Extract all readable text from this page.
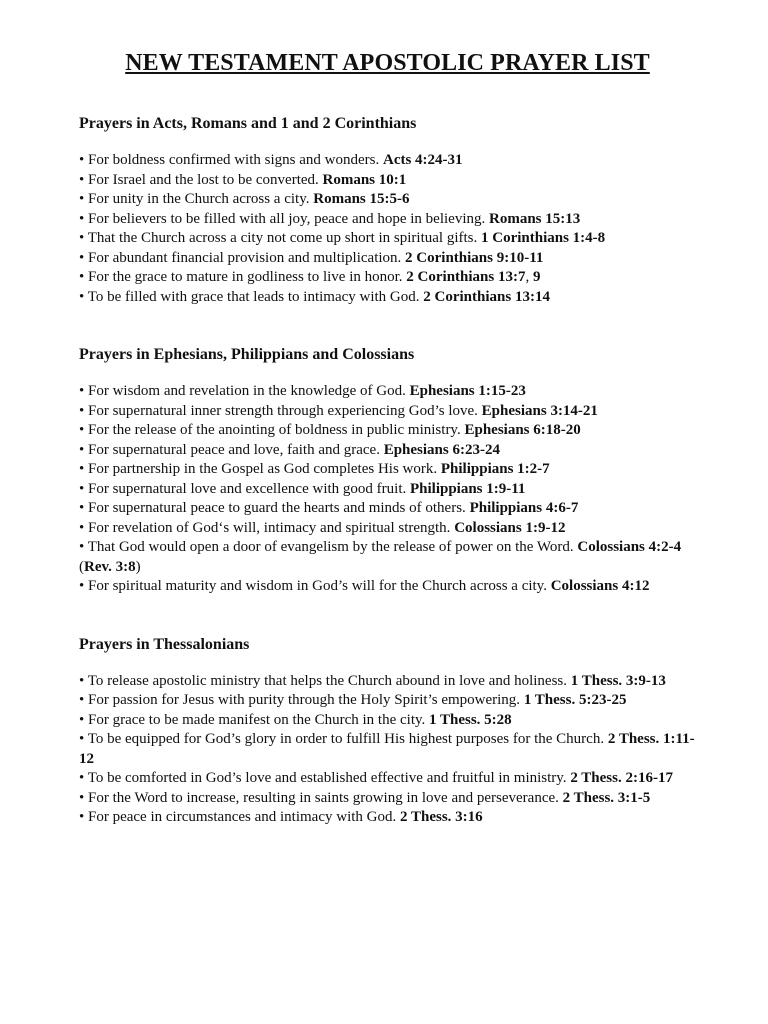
NEW TESTAMENT APOSTOLIC PRAYER LIST
Prayers in Acts, Romans and 1 and 2 Corinthians
• For boldness confirmed with signs and wonders. Acts 4:24-31
• For Israel and the lost to be converted. Romans 10:1
• For unity in the Church across a city. Romans 15:5-6
• For believers to be filled with all joy, peace and hope in believing. Romans 15:13
• That the Church across a city not come up short in spiritual gifts. 1 Corinthians 1:4-8
• For abundant financial provision and multiplication. 2 Corinthians 9:10-11
• For the grace to mature in godliness to live in honor. 2 Corinthians 13:7, 9
• To be filled with grace that leads to intimacy with God. 2 Corinthians 13:14
Prayers in Ephesians, Philippians and Colossians
• For wisdom and revelation in the knowledge of God. Ephesians 1:15-23
• For supernatural inner strength through experiencing God’s love. Ephesians 3:14-21
• For the release of the anointing of boldness in public ministry. Ephesians 6:18-20
• For supernatural peace and love, faith and grace. Ephesians 6:23-24
• For partnership in the Gospel as God completes His work. Philippians 1:2-7
• For supernatural love and excellence with good fruit. Philippians 1:9-11
• For supernatural peace to guard the hearts and minds of others. Philippians 4:6-7
• For revelation of God‘s will, intimacy and spiritual strength. Colossians 1:9-12
• That God would open a door of evangelism by the release of power on the Word. Colossians 4:2-4 (Rev. 3:8)
• For spiritual maturity and wisdom in God’s will for the Church across a city. Colossians 4:12
Prayers in Thessalonians
• To release apostolic ministry that helps the Church abound in love and holiness. 1 Thess. 3:9-13
• For passion for Jesus with purity through the Holy Spirit’s empowering. 1 Thess. 5:23-25
• For grace to be made manifest on the Church in the city. 1 Thess. 5:28
• To be equipped for God’s glory in order to fulfill His highest purposes for the Church. 2 Thess. 1:11-12
• To be comforted in God’s love and established effective and fruitful in ministry. 2 Thess. 2:16-17
• For the Word to increase, resulting in saints growing in love and perseverance. 2 Thess. 3:1-5
• For peace in circumstances and intimacy with God. 2 Thess. 3:16
